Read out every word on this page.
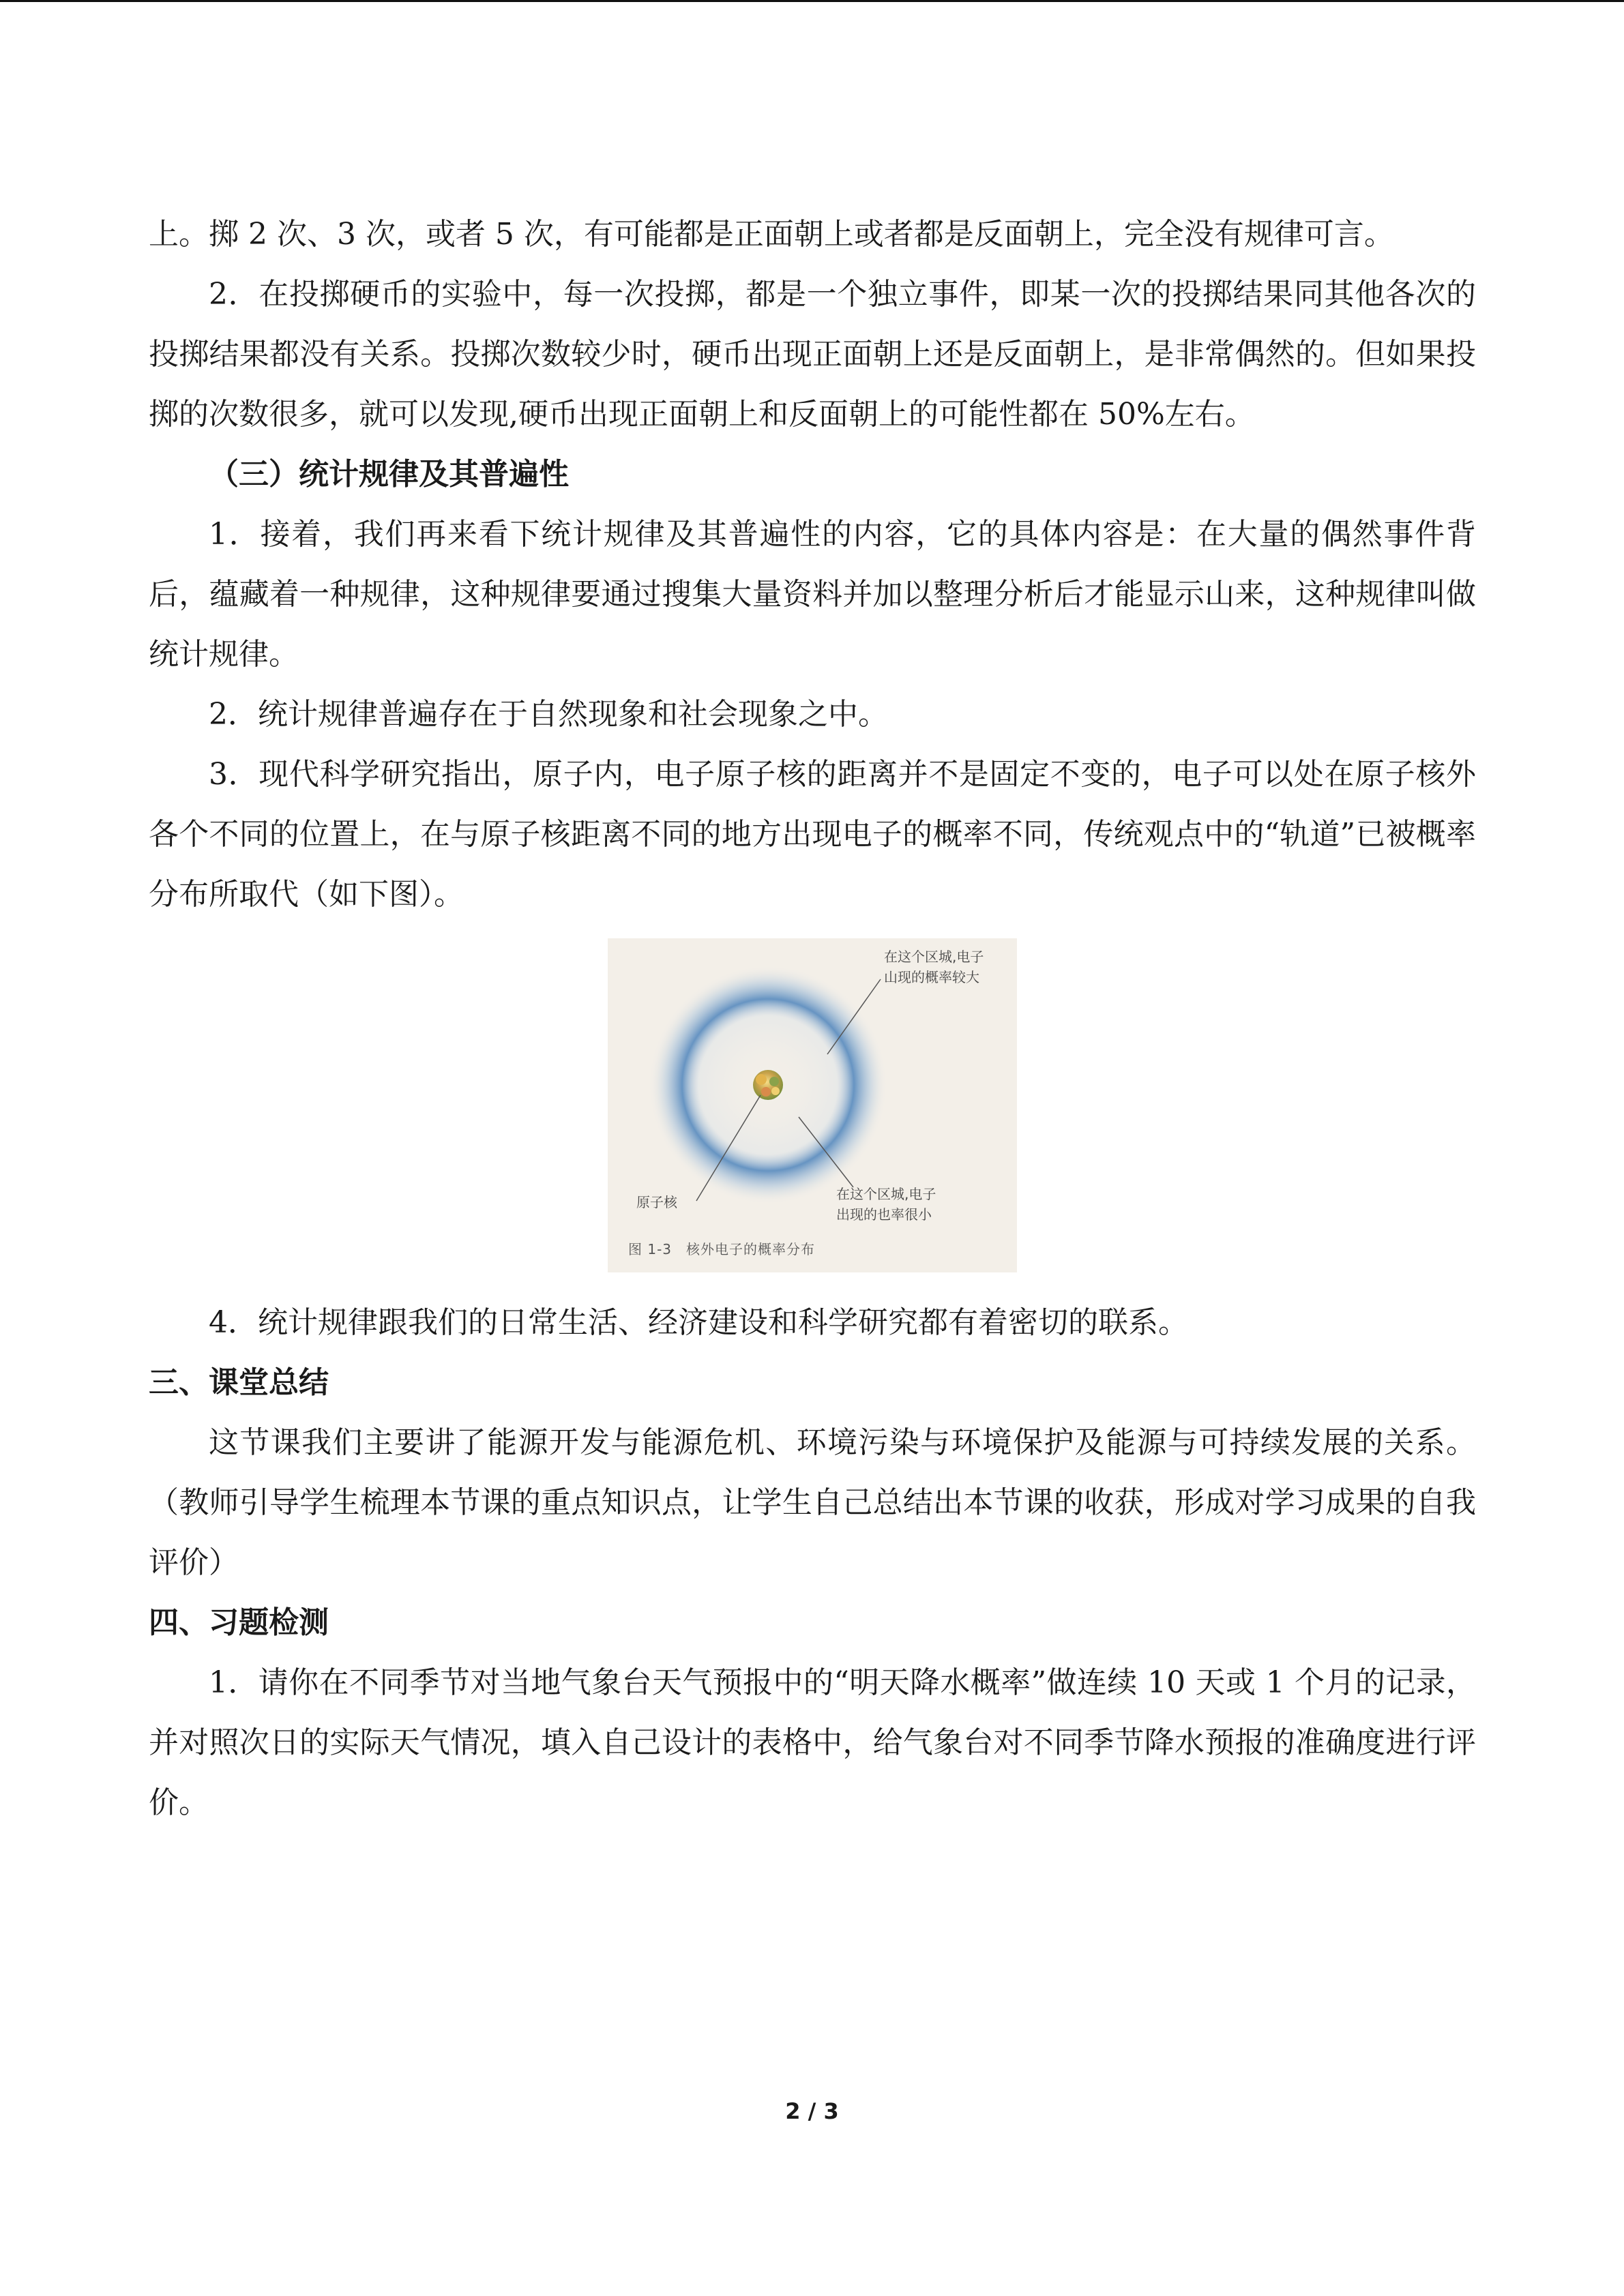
上。掷 2 次、3 次，或者 5 次，有可能都是正面朝上或者都是反面朝上，完全没有规律可言。

2．在投掷硬币的实验中，每一次投掷，都是一个独立事件，即某一次的投掷结果同其他各次的投掷结果都没有关系。投掷次数较少时，硬币出现正面朝上还是反面朝上，是非常偶然的。但如果投掷的次数很多，就可以发现,硬币出现正面朝上和反面朝上的可能性都在 50%左右。

（三）统计规律及其普遍性

1．接着，我们再来看下统计规律及其普遍性的内容，它的具体内容是：在大量的偶然事件背后，蕴藏着一种规律，这种规律要通过搜集大量资料并加以整理分析后才能显示山来，这种规律叫做统计规律。

2．统计规律普遍存在于自然现象和社会现象之中。

3．现代科学研究指出，原子内，电子原子核的距离并不是固定不变的，电子可以处在原子核外各个不同的位置上，在与原子核距离不同的地方出现电子的概率不同，传统观点中的“轨道”已被概率分布所取代（如下图）。

在这个区城,电子
山现的概率较大
原子核	在这个区城,电子
出现的也率很小
图 1-3　核外电子的概率分布

4．统计规律跟我们的日常生活、经济建设和科学研究都有着密切的联系。

三、课堂总结

这节课我们主要讲了能源开发与能源危机、环境污染与环境保护及能源与可持续发展的关系。（教师引导学生梳理本节课的重点知识点，让学生自己总结出本节课的收获，形成对学习成果的自我评价）

四、习题检测

1．请你在不同季节对当地气象台天气预报中的“明天降水概率”做连续 10 天或 1 个月的记录，并对照次日的实际天气情况，填入自己设计的表格中，给气象台对不同季节降水预报的准确度进行评价。

2 / 3
